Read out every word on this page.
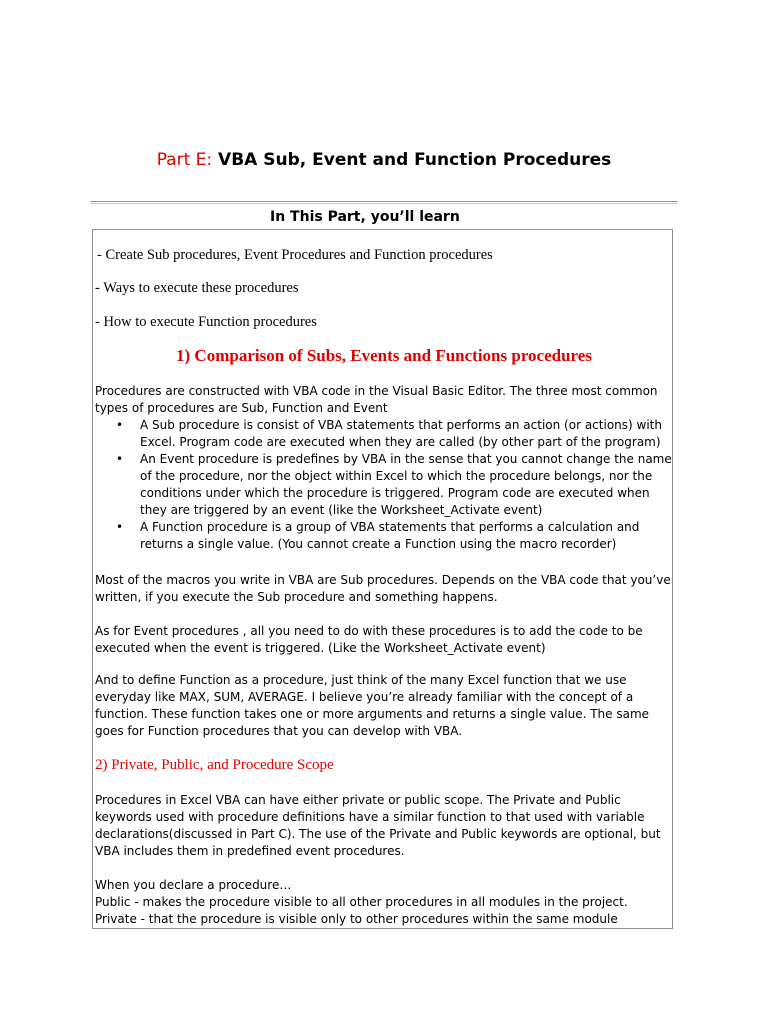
Part E: VBA Sub, Event and Function Procedures
In This Part, you’ll learn
- Create Sub procedures, Event Procedures and Function procedures
- Ways to execute these procedures
- How to execute Function procedures
1) Comparison of Subs, Events and Functions procedures
Procedures are constructed with VBA code in the Visual Basic Editor. The three most common types of procedures are Sub, Function and Event
• A Sub procedure is consist of VBA statements that performs an action (or actions) with Excel. Program code are executed when they are called (by other part of the program)
• An Event procedure is predefines by VBA in the sense that you cannot change the name of the procedure, nor the object within Excel to which the procedure belongs, nor the conditions under which the procedure is triggered. Program code are executed when they are triggered by an event (like the Worksheet_Activate event)
• A Function procedure is a group of VBA statements that performs a calculation and returns a single value. (You cannot create a Function using the macro recorder)
Most of the macros you write in VBA are Sub procedures. Depends on the VBA code that you’ve written, if you execute the Sub procedure and something happens.
As for Event procedures , all you need to do with these procedures is to add the code to be executed when the event is triggered. (Like the Worksheet_Activate event)
And to define Function as a procedure, just think of the many Excel function that we use everyday like MAX, SUM, AVERAGE. I believe you’re already familiar with the concept of a function. These function takes one or more arguments and returns a single value. The same goes for Function procedures that you can develop with VBA.
2) Private, Public, and Procedure Scope
Procedures in Excel VBA can have either private or public scope. The Private and Public keywords used with procedure definitions have a similar function to that used with variable declarations(discussed in Part C). The use of the Private and Public keywords are optional, but VBA includes them in predefined event procedures.
When you declare a procedure…
Public - makes the procedure visible to all other procedures in all modules in the project.
Private - that the procedure is visible only to other procedures within the same module
